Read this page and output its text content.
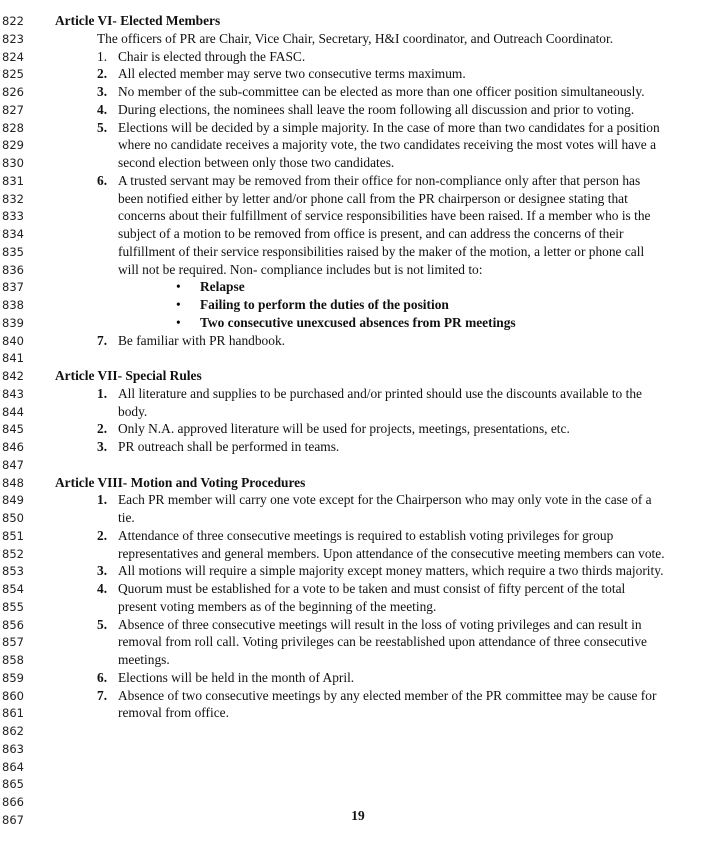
822	Article VI- Elected Members
823	The officers of PR are Chair, Vice Chair, Secretary, H&I coordinator, and Outreach Coordinator.
824	1. Chair is elected through the FASC.
825	2. All elected member may serve two consecutive terms maximum.
826	3. No member of the sub-committee can be elected as more than one officer position simultaneously.
827	4. During elections, the nominees shall leave the room following all discussion and prior to voting.
828	5. Elections will be decided by a simple majority. In the case of more than two candidates for a position
829	where no candidate receives a majority vote, the two candidates receiving the most votes will have a
830	second election between only those two candidates.
831	6. A trusted servant may be removed from their office for non-compliance only after that person has
832	been notified either by letter and/or phone call from the PR chairperson or designee stating that
833	concerns about their fulfillment of service responsibilities have been raised. If a member who is the
834	subject of a motion to be removed from office is present, and can address the concerns of their
835	fulfillment of their service responsibilities raised by the maker of the motion, a letter or phone call
836	will not be required. Non- compliance includes but is not limited to:
837	• Relapse
838	• Failing to perform the duties of the position
839	• Two consecutive unexcused absences from PR meetings
840	7. Be familiar with PR handbook.
841
842	Article VII- Special Rules
843	1. All literature and supplies to be purchased and/or printed should use the discounts available to the
844	body.
845	2. Only N.A. approved literature will be used for projects, meetings, presentations, etc.
846	3. PR outreach shall be performed in teams.
847
848	Article VIII- Motion and Voting Procedures
849	1. Each PR member will carry one vote except for the Chairperson who may only vote in the case of a
850	tie.
851	2. Attendance of three consecutive meetings is required to establish voting privileges for group
852	representatives and general members. Upon attendance of the consecutive meeting members can vote.
853	3. All motions will require a simple majority except money matters, which require a two thirds majority.
854	4. Quorum must be established for a vote to be taken and must consist of fifty percent of the total
855	present voting members as of the beginning of the meeting.
856	5. Absence of three consecutive meetings will result in the loss of voting privileges and can result in
857	removal from roll call. Voting privileges can be reestablished upon attendance of three consecutive
858	meetings.
859	6. Elections will be held in the month of April.
860	7. Absence of two consecutive meetings by any elected member of the PR committee may be cause for
861	removal from office.
862
863
864
865
866
867	19
